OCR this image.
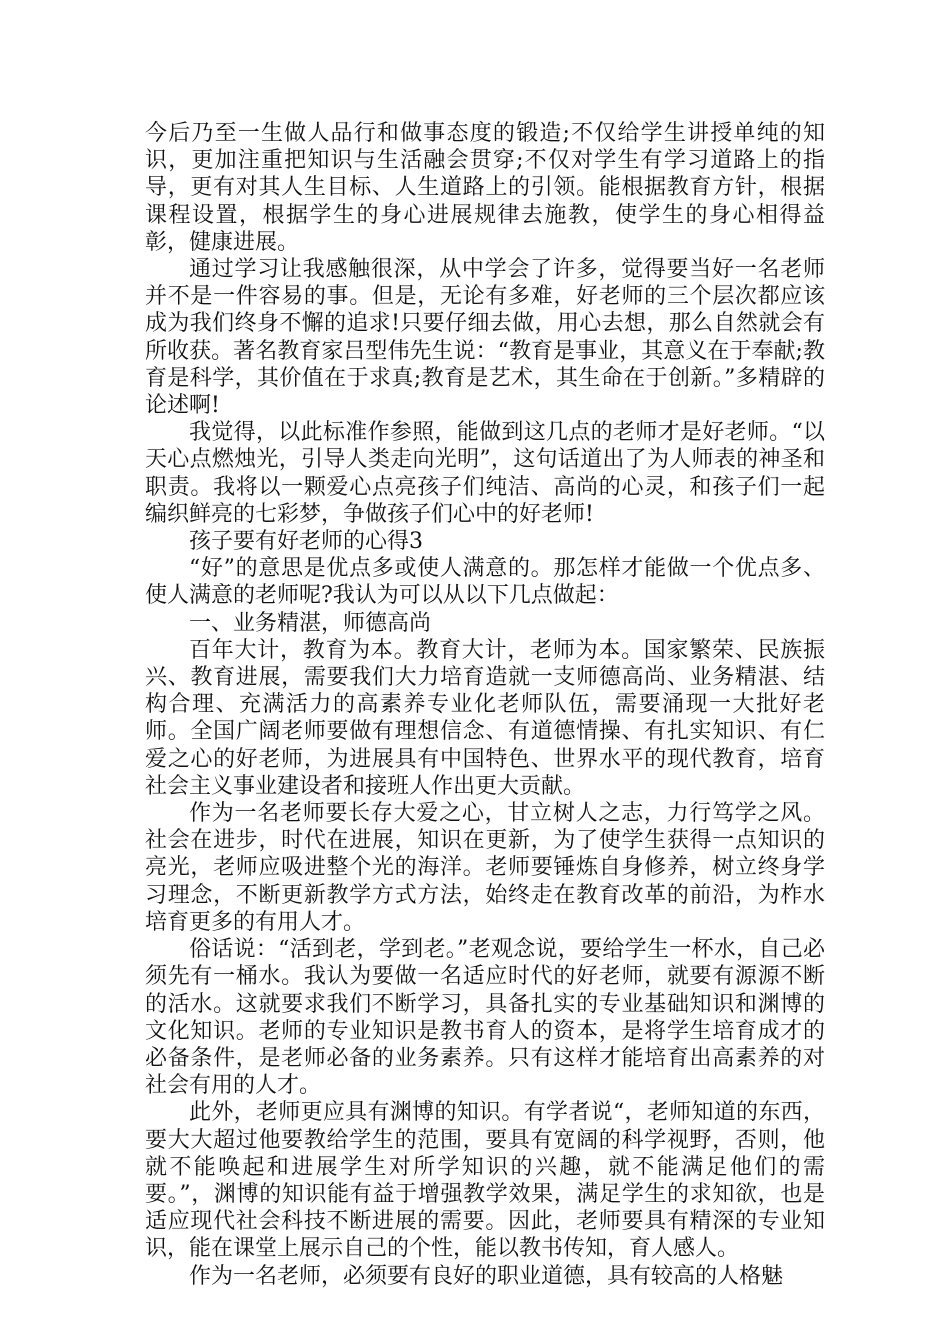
今后乃至一生做人品行和做事态度的锻造;不仅给学生讲授单纯的知识，更加注重把知识与生活融会贯穿;不仅对学生有学习道路上的指导，更有对其人生目标、人生道路上的引领。能根据教育方针，根据课程设置，根据学生的身心进展规律去施教，使学生的身心相得益彰，健康进展。

通过学习让我感触很深，从中学会了许多，觉得要当好一名老师并不是一件容易的事。但是，无论有多难，好老师的三个层次都应该成为我们终身不懈的追求!只要仔细去做，用心去想，那么自然就会有所收获。著名教育家吕型伟先生说：“教育是事业，其意义在于奉献;教育是科学，其价值在于求真;教育是艺术，其生命在于创新。”多精辟的论述啊!

我觉得，以此标准作参照，能做到这几点的老师才是好老师。“以天心点燃烛光，引导人类走向光明”，这句话道出了为人师表的神圣和职责。我将以一颗爱心点亮孩子们纯洁、高尚的心灵，和孩子们一起编织鲜亮的七彩梦，争做孩子们心中的好老师!

孩子要有好老师的心得3

“好”的意思是优点多或使人满意的。那怎样才能做一个优点多、使人满意的老师呢?我认为可以从以下几点做起：

一、业务精湛，师德高尚

百年大计，教育为本。教育大计，老师为本。国家繁荣、民族振兴、教育进展，需要我们大力培育造就一支师德高尚、业务精湛、结构合理、充满活力的高素养专业化老师队伍，需要涌现一大批好老师。全国广阔老师要做有理想信念、有道德情操、有扎实知识、有仁爱之心的好老师，为进展具有中国特色、世界水平的现代教育，培育社会主义事业建设者和接班人作出更大贡献。

作为一名老师要长存大爱之心，甘立树人之志，力行笃学之风。社会在进步，时代在进展，知识在更新，为了使学生获得一点知识的亮光，老师应吸进整个光的海洋。老师要锤炼自身修养，树立终身学习理念，不断更新教学方式方法，始终走在教育改革的前沿，为柞水培育更多的有用人才。

俗话说：“活到老，学到老。”老观念说，要给学生一杯水，自己必须先有一桶水。我认为要做一名适应时代的好老师，就要有源源不断的活水。这就要求我们不断学习，具备扎实的专业基础知识和渊博的文化知识。老师的专业知识是教书育人的资本，是将学生培育成才的必备条件，是老师必备的业务素养。只有这样才能培育出高素养的对社会有用的人才。

此外，老师更应具有渊博的知识。有学者说“，老师知道的东西，要大大超过他要教给学生的范围，要具有宽阔的科学视野，否则，他就不能唤起和进展学生对所学知识的兴趣，就不能满足他们的需要。”，渊博的知识能有益于增强教学效果，满足学生的求知欲，也是适应现代社会科技不断进展的需要。因此，老师要具有精深的专业知识，能在课堂上展示自己的个性，能以教书传知，育人感人。

作为一名老师，必须要有良好的职业道德，具有较高的人格魅
